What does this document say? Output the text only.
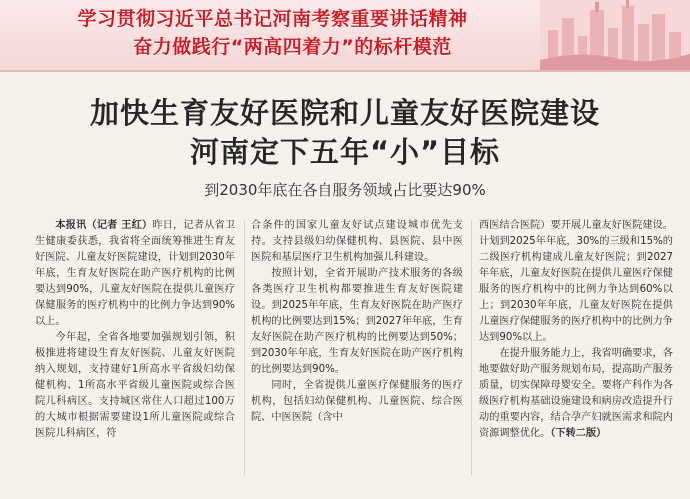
学习贯彻习近平总书记河南考察重要讲话精神
奋力做践行“两高四着力”的标杆模范
加快生育友好医院和儿童友好医院建设
河南定下五年“小”目标
到2030年底在各自服务领域占比要达90%

本报讯（记者 王红）昨日，记者从省卫生健康委获悉，我省将全面统筹推进生育友好医院、儿童友好医院建设，计划到2030年年底，生育友好医院在助产医疗机构的比例要达到90%，儿童友好医院在提供儿童医疗保健服务的医疗机构中的比例力争达到90%以上。

今年起，全省各地要加强规划引领，积极推进将建设生育友好医院、儿童友好医院纳入规划，支持建好1所高水平省级妇幼保健机构、1所高水平省级儿童医院或综合医院儿科病区。支持城区常住人口超过100万的大城市根据需要建设1所儿童医院或综合医院儿科病区，符

合条件的国家儿童友好试点建设城市优先支持。支持县级妇幼保健机构、县医院、县中医医院和基层医疗卫生机构加强儿科建设。

按照计划，全省开展助产技术服务的各级各类医疗卫生机构都要推进生育友好医院建设。到2025年年底，生育友好医院在助产医疗机构的比例要达到15%；到2027年年底，生育友好医院在助产医疗机构的比例要达到50%；到2030年年底，生育友好医院在助产医疗机构的比例要达到90%。

同时，全省提供儿童医疗保健服务的医疗机构，包括妇幼保健机构、儿童医院、综合医院、中医医院（含中

西医结合医院）要开展儿童友好医院建设。计划到2025年年底，30%的三级和15%的二级医疗机构建成儿童友好医院；到2027年年底，儿童友好医院在提供儿童医疗保健服务的医疗机构中的比例力争达到60%以上；到2030年年底，儿童友好医院在提供儿童医疗保健服务的医疗机构中的比例力争达到90%以上。

在提升服务能力上，我省明确要求，各地要做好助产服务规划布局，提高助产服务质量，切实保障母婴安全。要将产科作为各级医疗机构基础设施建设和病房改造提升行动的重要内容，结合孕产妇就医需求和院内资源调整优化。（下转二版）
